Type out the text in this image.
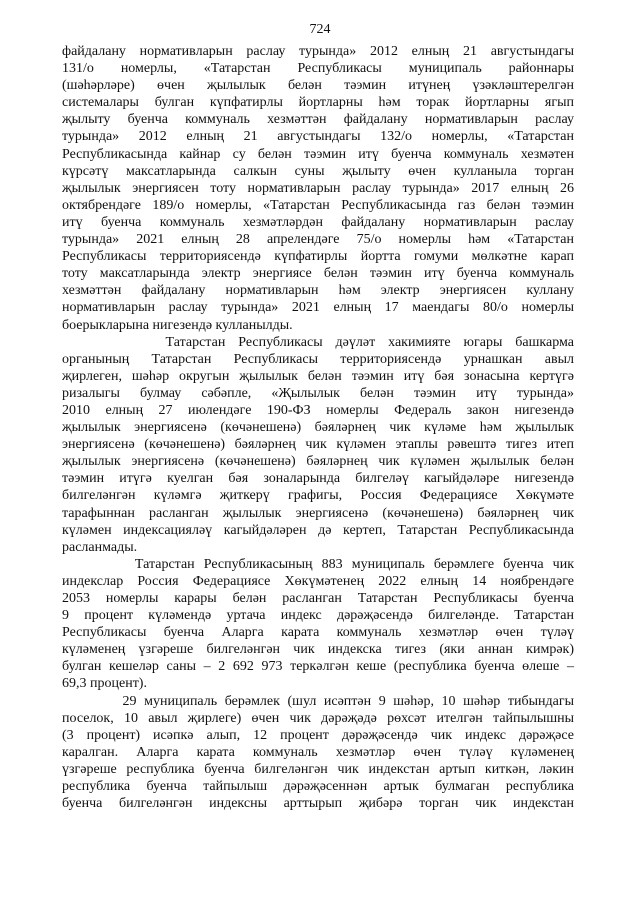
724
файдалану нормативларын раслау турында» 2012 елның 21 августындагы
131/о номерлы, «Татарстан Республикасы муниципаль районнары
(шәһәрләре) өчен җылылык белән тәэмин итүнең үзәкләштерелгән
системалары булган күпфатирлы йортларны һәм торак йортларны ягып
җылыту буенча коммуналь хезмәттән файдалану нормативларын раслау
турында» 2012 елның 21 августындагы 132/о номерлы, «Татарстан
Республикасында кайнар су белән тәэмин итү буенча коммуналь хезмәтен
күрсәтү максатларында салкын суны җылыту өчен кулланыла торган
җылылык энергиясен тоту нормативларын раслау турында» 2017 елның 26
октябрендәге 189/о номерлы, «Татарстан Республикасында газ белән тәэмин
итү буенча коммуналь хезмәтләрдән файдалану нормативларын раслау
турында» 2021 елның 28 апрелендәге 75/о номерлы һәм «Татарстан
Республикасы территориясендә күпфатирлы йортта гомуми мөлкәтне карап
тоту максатларында электр энергиясе белән тәэмин итү буенча коммуналь
хезмәттән файдалану нормативларын һәм электр энергиясен куллану
нормативларын раслау турында» 2021 елның 17 маендагы 80/о номерлы
боерыкларына нигезендә кулланылды.
Татарстан Республикасы дәүләт хакимияте югары башкарма
органының Татарстан Республикасы территориясендә урнашкан авыл
җирлеген, шәһәр округын җылылык белән тәэмин итү бәя зонасына кертүгә
ризалыгы булмау сәбәпле, «Җылылык белән тәэмин итү турында»
2010 елның 27 июлендәге 190-ФЗ номерлы Федераль закон нигезендә
җылылык энергиясенә (көчәнешенә) бәяләрнең чик күләме һәм җылылык
энергиясенә (көчәнешенә) бәяләрнең чик күләмен этаплы рәвештә тигез итеп
җылылык энергиясенә (көчәнешенә) бәяләрнең чик күләмен җылылык белән
тәэмин итүгә куелган бәя зоналарында билгеләү кагыйдәләре нигезендә
билгеләнгән күләмгә җиткерү графигы, Россия Федерациясе Хөкүмәте
тарафыннан расланган җылылык энергиясенә (көчәнешенә) бәяләрнең чик
күләмен индексацияләү кагыйдәләрен дә кертеп, Татарстан Республикасында
расланмады.
Татарстан Республикасының 883 муниципаль берәмлеге буенча чик
индекслар Россия Федерациясе Хөкүмәтенең 2022 елның 14 ноябрендәге
2053 номерлы карары белән расланган Татарстан Республикасы буенча
9 процент күләмендә уртача индекс дәрәҗәсендә билгеләнде. Татарстан
Республикасы буенча Аларга карата коммуналь хезмәтләр өчен түләү
күләменең үзгәреше билгеләнгән чик индекска тигез (яки аннан кимрәк)
булган кешеләр саны – 2 692 973 теркәлгән кеше (республика буенча өлеше –
69,3 процент).
29 муниципаль берәмлек (шул исәптән 9 шәһәр, 10 шәһәр тибындагы
поселок, 10 авыл җирлеге) өчен чик дәрәҗәдә рөхсәт ителгән тайпылышны
(3 процент) исәпкә алып, 12 процент дәрәҗәсендә чик индекс дәрәҗәсе
каралган. Аларга карата коммуналь хезмәтләр өчен түләү күләменең
үзгәреше республика буенча билгеләнгән чик индекстан артып киткән, ләкин
республика буенча тайпылыш дәрәҗәсеннән артык булмаган республика
буенча билгеләнгән индексны арттырып җибәрә торган чик индекстан
